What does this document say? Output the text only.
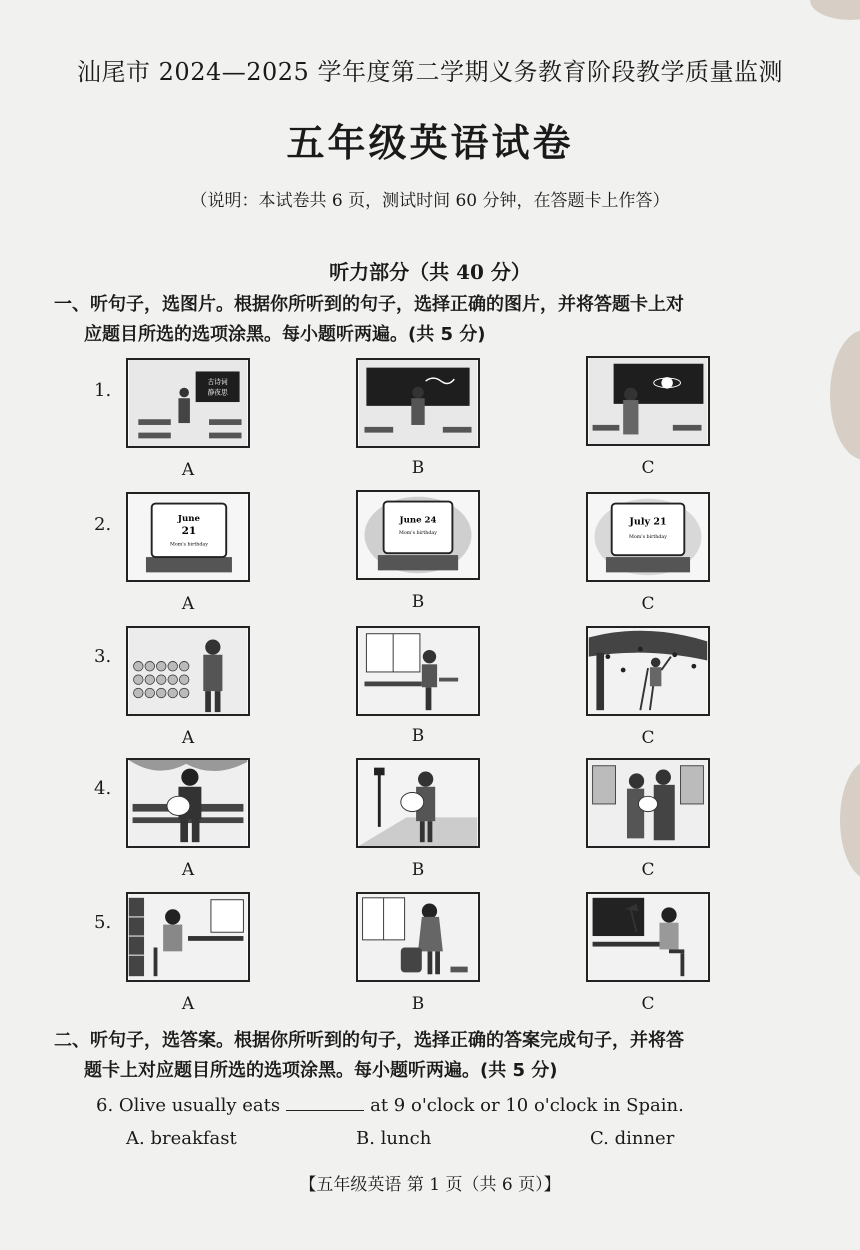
汕尾市 2024—2025 学年度第二学期义务教育阶段教学质量监测
五年级英语试卷
（说明：本试卷共 6 页，测试时间 60 分钟，在答题卡上作答）
听力部分（共 40 分）
一、听句子，选图片。根据你所听到的句子，选择正确的图片，并将答题卡上对
应题目所选的选项涂黑。每小题听两遍。(共 5 分)
1.	古诗词
静夜思
A	B	C
2.	June
21
Mom's birthday
A
June 24
Mom's birthday
B
July 21
Mom's birthday
C
3.
A	B	C
4.
A	B	C
5.
A	B	C
二、听句子，选答案。根据你所听到的句子，选择正确的答案完成句子，并将答
题卡上对应题目所选的选项涂黑。每小题听两遍。(共 5 分)
6. Olive usually eats	at 9 o'clock or 10 o'clock in Spain.
A. breakfast	B. lunch	C. dinner
【五年级英语 第 1 页（共 6 页）】
